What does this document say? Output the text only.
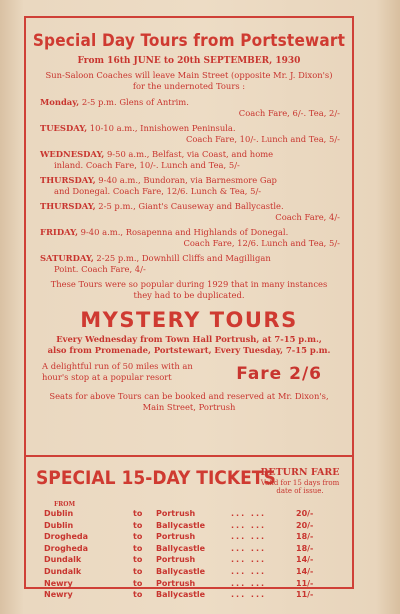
Special Day Tours from Portstewart
From 16th JUNE to 20th SEPTEMBER, 1930
Sun-Saloon Coaches will leave Main Street (opposite Mr. J. Dixon's) for the undernoted Tours :
Monday, 2-5 p.m. Glens of Antrim.
Coach Fare, 6/-. Tea, 2/-
TUESDAY, 10-10 a.m., Innishowen Peninsula.
Coach Fare, 10/-. Lunch and Tea, 5/-
WEDNESDAY, 9-50 a.m., Belfast, via Coast, and home
inland. Coach Fare, 10/-. Lunch and Tea, 5/-
THURSDAY, 9-40 a.m., Bundoran, via Barnesmore Gap
and Donegal. Coach Fare, 12/6. Lunch & Tea, 5/-
THURSDAY, 2-5 p.m., Giant's Causeway and Ballycastle.
Coach Fare, 4/-
FRIDAY, 9-40 a.m., Rosapenna and Highlands of Donegal.
Coach Fare, 12/6. Lunch and Tea, 5/-
SATURDAY, 2-25 p.m., Downhill Cliffs and Magilligan
Point. Coach Fare, 4/-
These Tours were so popular during 1929 that in many instances they had to be duplicated.
MYSTERY TOURS
Every Wednesday from Town Hall Portrush, at 7-15 p.m.,
also from Promenade, Portstewart, Every Tuesday, 7-15 p.m.
A delightful run of 50 miles with an hour's stop at a popular resort	Fare 2/6
Seats for above Tours can be booked and reserved at Mr. Dixon's, Main Street, Portrush
SPECIAL 15-DAY TICKETS
RETURN FARE
Valid for 15 days from date of issue.
FROM
Dublin	to Portrush	... ...	20/-
Dublin	to Ballycastle	... ...	20/-
Drogheda	to Portrush	... ...	18/-
Drogheda	to Ballycastle	... ...	18/-
Dundalk	to Portrush	... ...	14/-
Dundalk	to Ballycastle	... ...	14/-
Newry	to Portrush	... ...	11/-
Newry	to Ballycastle	... ...	11/-
